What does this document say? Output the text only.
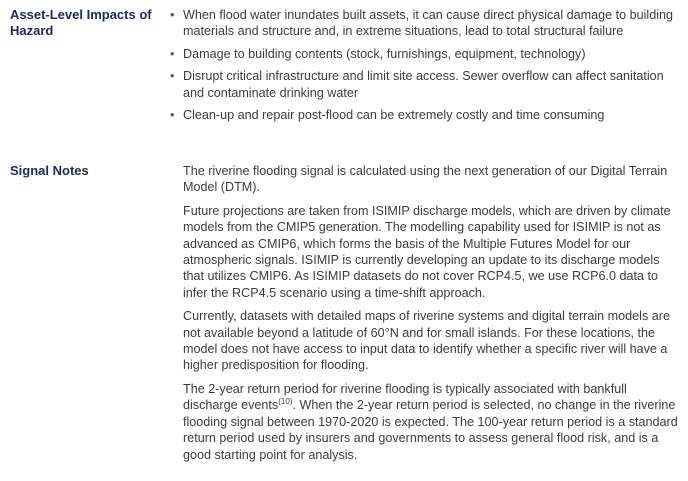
Asset-Level Impacts of Hazard
• When flood water inundates built assets, it can cause direct physical damage to building materials and structure and, in extreme situations, lead to total structural failure
• Damage to building contents (stock, furnishings, equipment, technology)
• Disrupt critical infrastructure and limit site access. Sewer overflow can affect sanitation and contaminate drinking water
• Clean-up and repair post-flood can be extremely costly and time consuming
Signal Notes	The riverine flooding signal is calculated using the next generation of our Digital Terrain Model (DTM).

Future projections are taken from ISIMIP discharge models, which are driven by climate models from the CMIP5 generation. The modelling capability used for ISIMIP is not as advanced as CMIP6, which forms the basis of the Multiple Futures Model for our atmospheric signals. ISIMIP is currently developing an update to its discharge models that utilizes CMIP6. As ISIMIP datasets do not cover RCP4.5, we use RCP6.0 data to infer the RCP4.5 scenario using a time-shift approach.

Currently, datasets with detailed maps of riverine systems and digital terrain models are not available beyond a latitude of 60°N and for small islands. For these locations, the model does not have access to input data to identify whether a specific river will have a higher predisposition for flooding.

The 2-year return period for riverine flooding is typically associated with bankfull discharge events$^{(10)}$. When the 2-year return period is selected, no change in the riverine flooding signal between 1970-2020 is expected. The 100-year return period is a standard return period used by insurers and governments to assess general flood risk, and is a good starting point for analysis.
